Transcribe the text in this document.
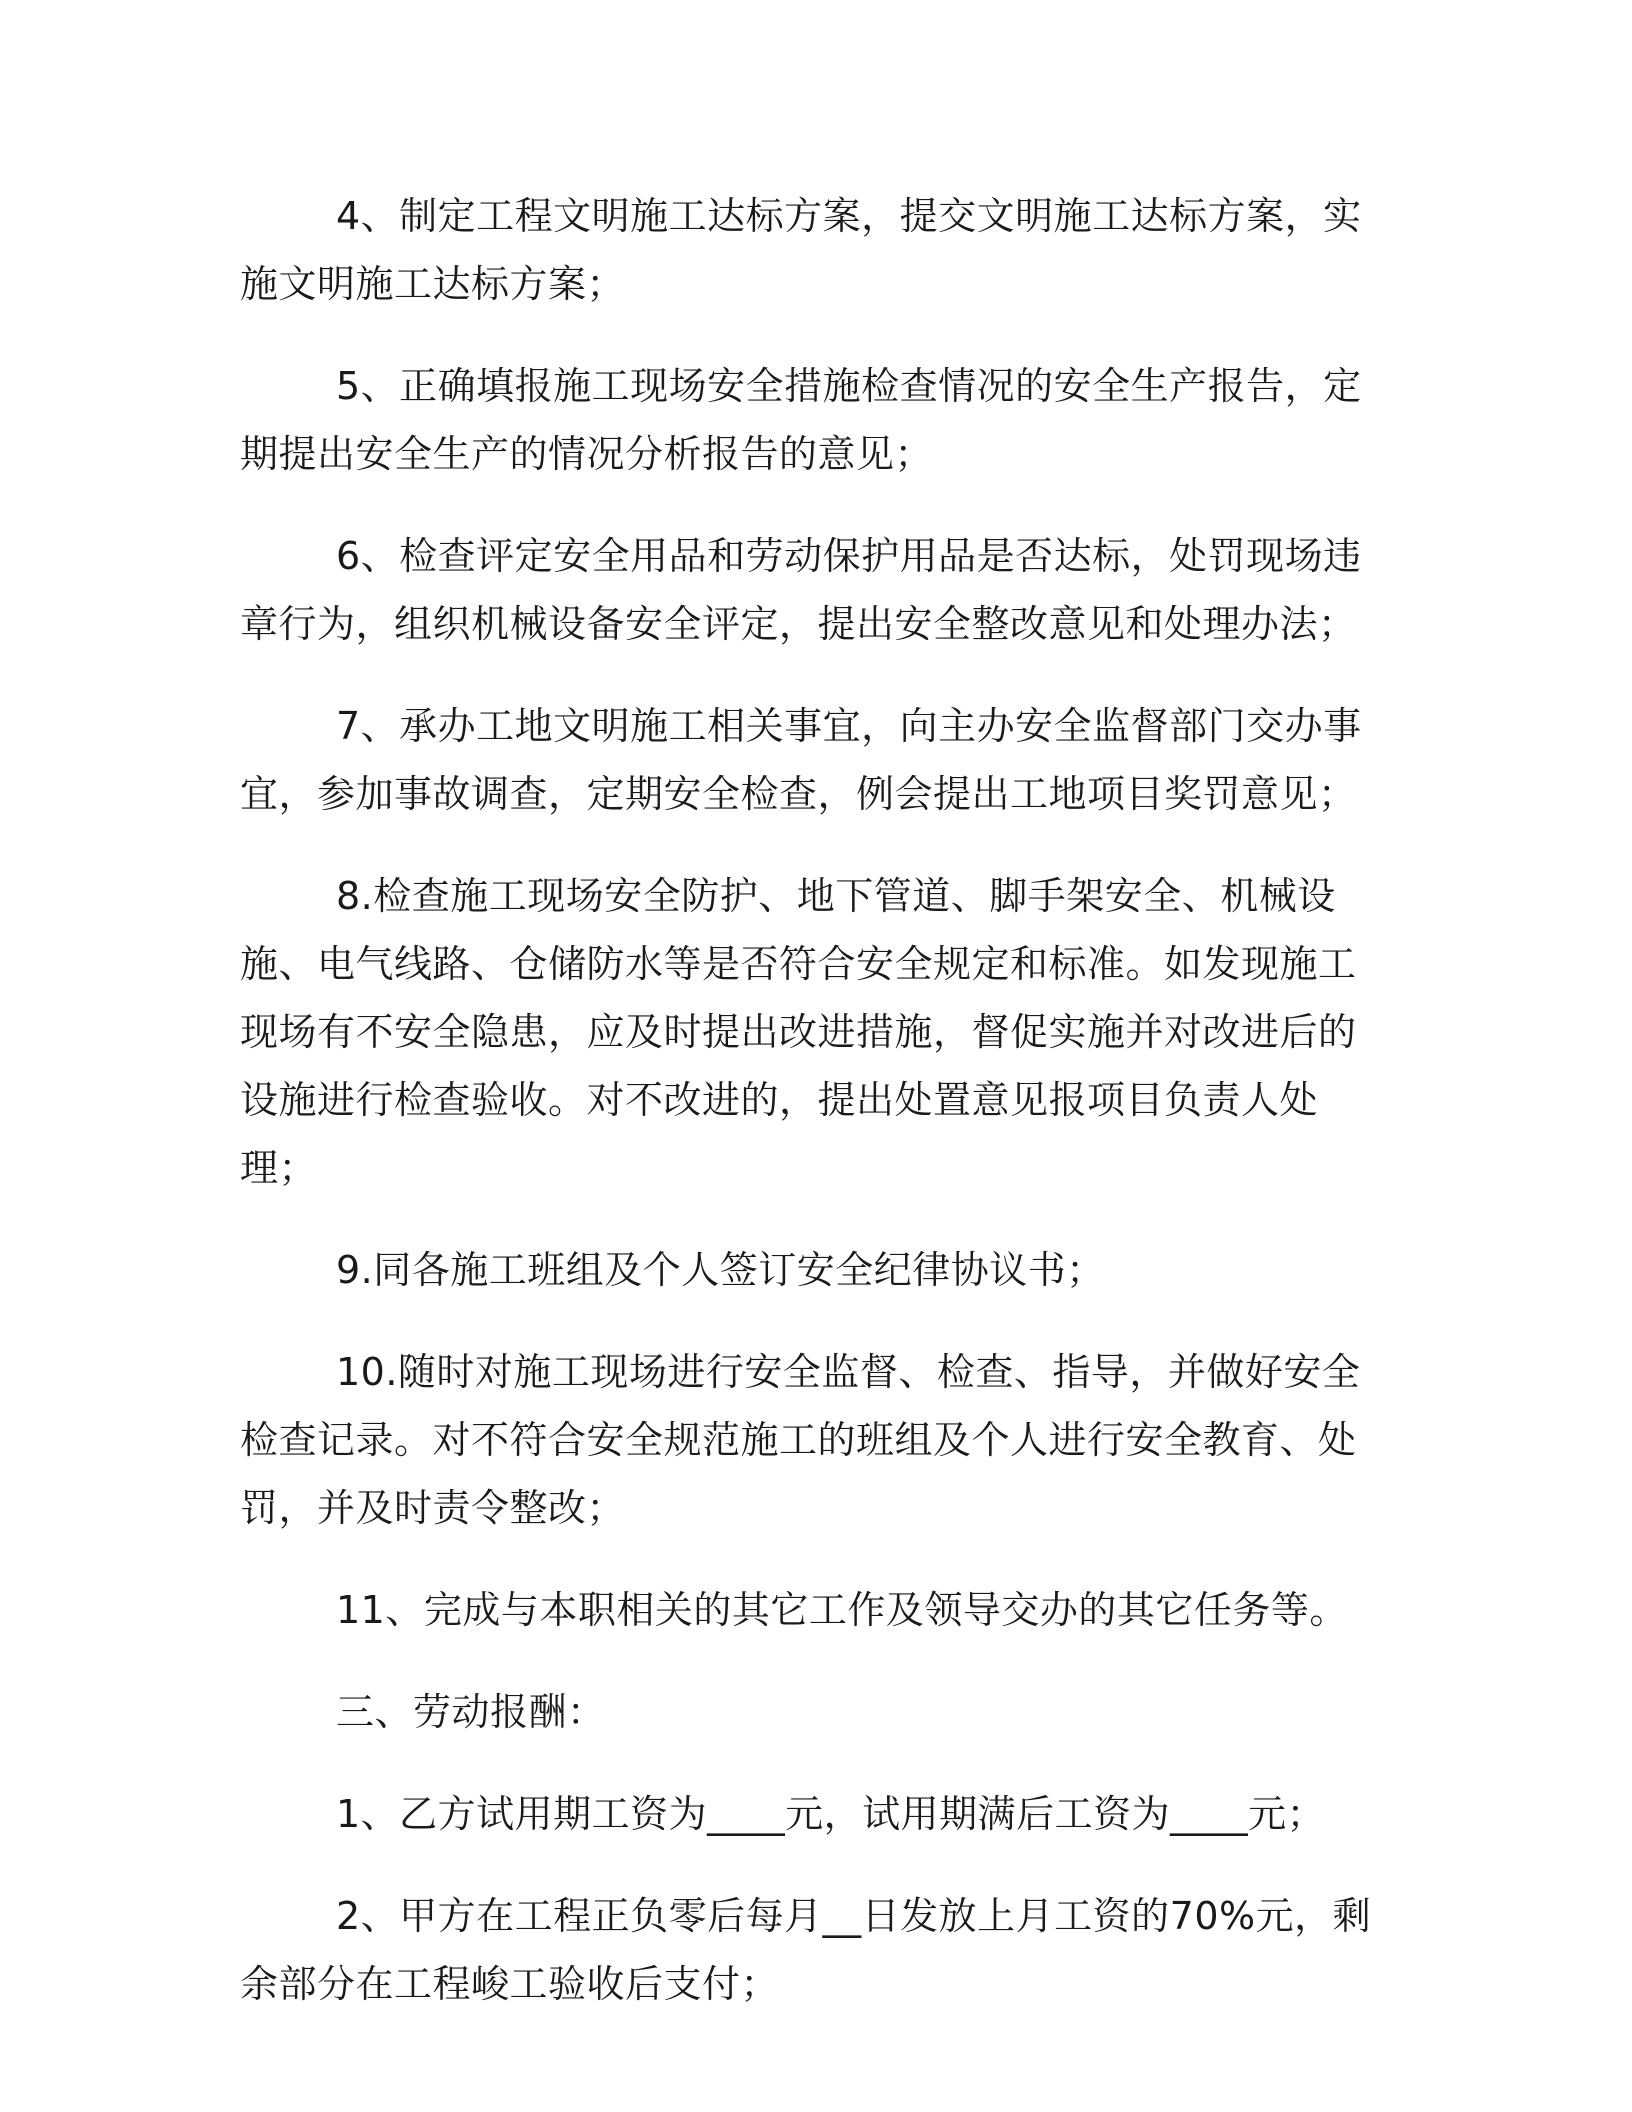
4、制定工程文明施工达标方案，提交文明施工达标方案，实施文明施工达标方案；

5、正确填报施工现场安全措施检查情况的安全生产报告，定期提出安全生产的情况分析报告的意见；

6、检查评定安全用品和劳动保护用品是否达标，处罚现场违章行为，组织机械设备安全评定，提出安全整改意见和处理办法；

7、承办工地文明施工相关事宜，向主办安全监督部门交办事宜，参加事故调查，定期安全检查，例会提出工地项目奖罚意见；

8.检查施工现场安全防护、地下管道、脚手架安全、机械设施、电气线路、仓储防水等是否符合安全规定和标准。如发现施工现场有不安全隐患，应及时提出改进措施，督促实施并对改进后的设施进行检查验收。对不改进的，提出处置意见报项目负责人处理；

9.同各施工班组及个人签订安全纪律协议书；

10.随时对施工现场进行安全监督、检查、指导，并做好安全检查记录。对不符合安全规范施工的班组及个人进行安全教育、处罚，并及时责令整改；

11、完成与本职相关的其它工作及领导交办的其它任务等。

三、劳动报酬：

1、乙方试用期工资为____元，试用期满后工资为____元；

2、甲方在工程正负零后每月__日发放上月工资的70%元，剩余部分在工程峻工验收后支付；
